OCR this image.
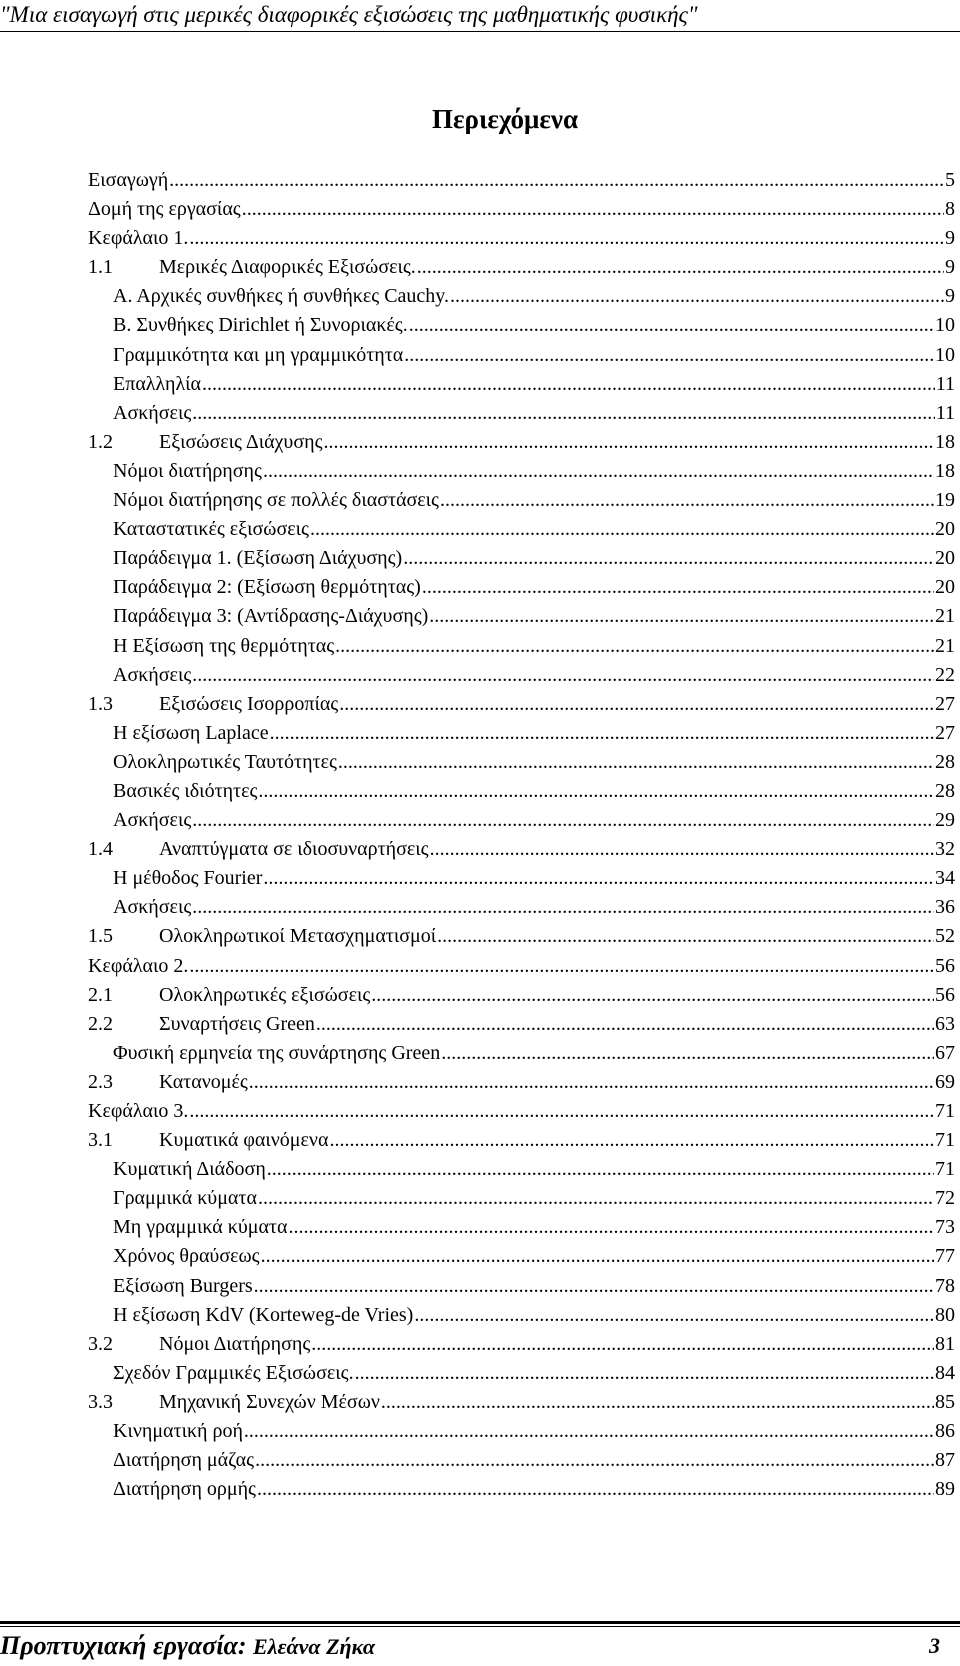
"Μια εισαγωγή στις μερικές διαφορικές εξισώσεις της μαθηματικής φυσικής"
Περιεχόμενα
Εισαγωγή .....	5
Δομή της εργασίας .....	8
Κεφάλαιο 1. .....	9
1.1	Μερικές Διαφορικές Εξισώσεις. .....	9
Α. Αρχικές συνθήκες ή συνθήκες Cauchy. .....	9
Β. Συνθήκες Dirichlet ή Συνοριακές. .....	10
Γραμμικότητα και μη γραμμικότητα .....	10
Επαλληλία .....	11
Ασκήσεις .....	11
1.2	Εξισώσεις Διάχυσης .....	18
Νόμοι διατήρησης .....	18
Νόμοι διατήρησης σε πολλές διαστάσεις .....	19
Καταστατικές εξισώσεις .....	20
Παράδειγμα 1. (Εξίσωση Διάχυσης) .....	20
Παράδειγμα 2: (Εξίσωση θερμότητας) .....	20
Παράδειγμα 3: (Αντίδρασης-Διάχυσης) .....	21
Η Εξίσωση της θερμότητας .....	21
Ασκήσεις .....	22
1.3	Εξισώσεις Ισορροπίας .....	27
Η εξίσωση Laplace .....	27
Ολοκληρωτικές Ταυτότητες .....	28
Βασικές ιδιότητες .....	28
Ασκήσεις .....	29
1.4	Αναπτύγματα σε ιδιοσυναρτήσεις .....	32
Η μέθοδος Fourier .....	34
Ασκήσεις .....	36
1.5	Ολοκληρωτικοί Μετασχηματισμοί .....	52
Κεφάλαιο 2. .....	56
2.1	Ολοκληρωτικές εξισώσεις .....	56
2.2	Συναρτήσεις Green .....	63
Φυσική ερμηνεία της συνάρτησης Green .....	67
2.3	Κατανομές .....	69
Κεφάλαιο 3. .....	71
3.1	Κυματικά φαινόμενα .....	71
Κυματική Διάδοση .....	71
Γραμμικά κύματα .....	72
Μη γραμμικά κύματα .....	73
Χρόνος θραύσεως .....	77
Εξίσωση Burgers .....	78
Η εξίσωση KdV (Korteweg-de Vries) .....	80
3.2	Νόμοι Διατήρησης .....	81
Σχεδόν Γραμμικές Εξισώσεις. .....	84
3.3	Μηχανική Συνεχών Μέσων .....	85
Κινηματική ροή .....	86
Διατήρηση μάζας .....	87
Διατήρηση ορμής .....	89
Προπτυχιακή εργασία: Ελεάνα Ζήκα	3
